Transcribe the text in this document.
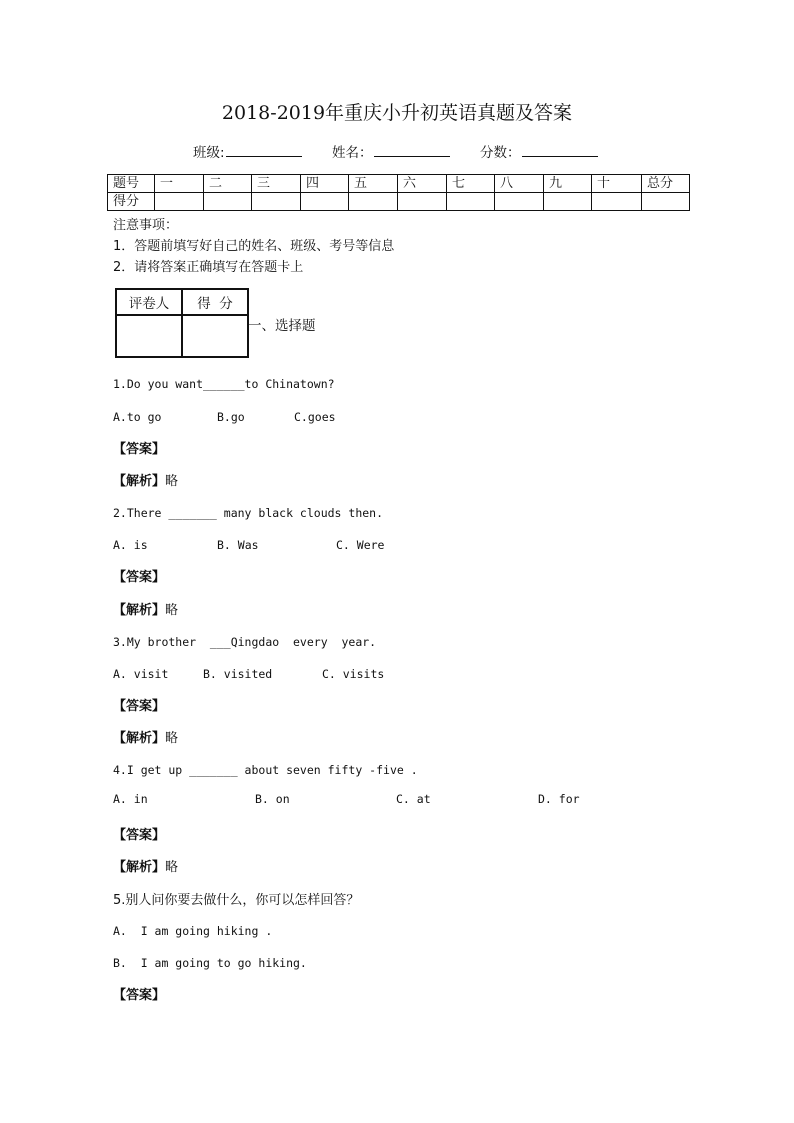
2018-2019年重庆小升初英语真题及答案
班级:	姓名：	分数：
题号	一	二	三	四	五	六	七	八	九	十	总分
得分											
注意事项：
1．答题前填写好自己的姓名、班级、考号等信息
2．请将答案正确填写在答题卡上
评卷人	得  分

一、选择题
1.Do you want______to Chinatown?
A.to go	B.go	C.goes
【答案】
【解析】略
2.There _______ many black clouds then.
A. is	B. Was	C. Were
【答案】
【解析】略
3.My brother  ___Qingdao  every  year.
A. visit	B. visited	C. visits
【答案】
【解析】略
4.I get up _______ about seven fifty -five .
A. in	B. on	C. at	D. for
【答案】
【解析】略
5.别人问你要去做什么，你可以怎样回答？
A.  I am going hiking .
B.  I am going to go hiking.
【答案】
